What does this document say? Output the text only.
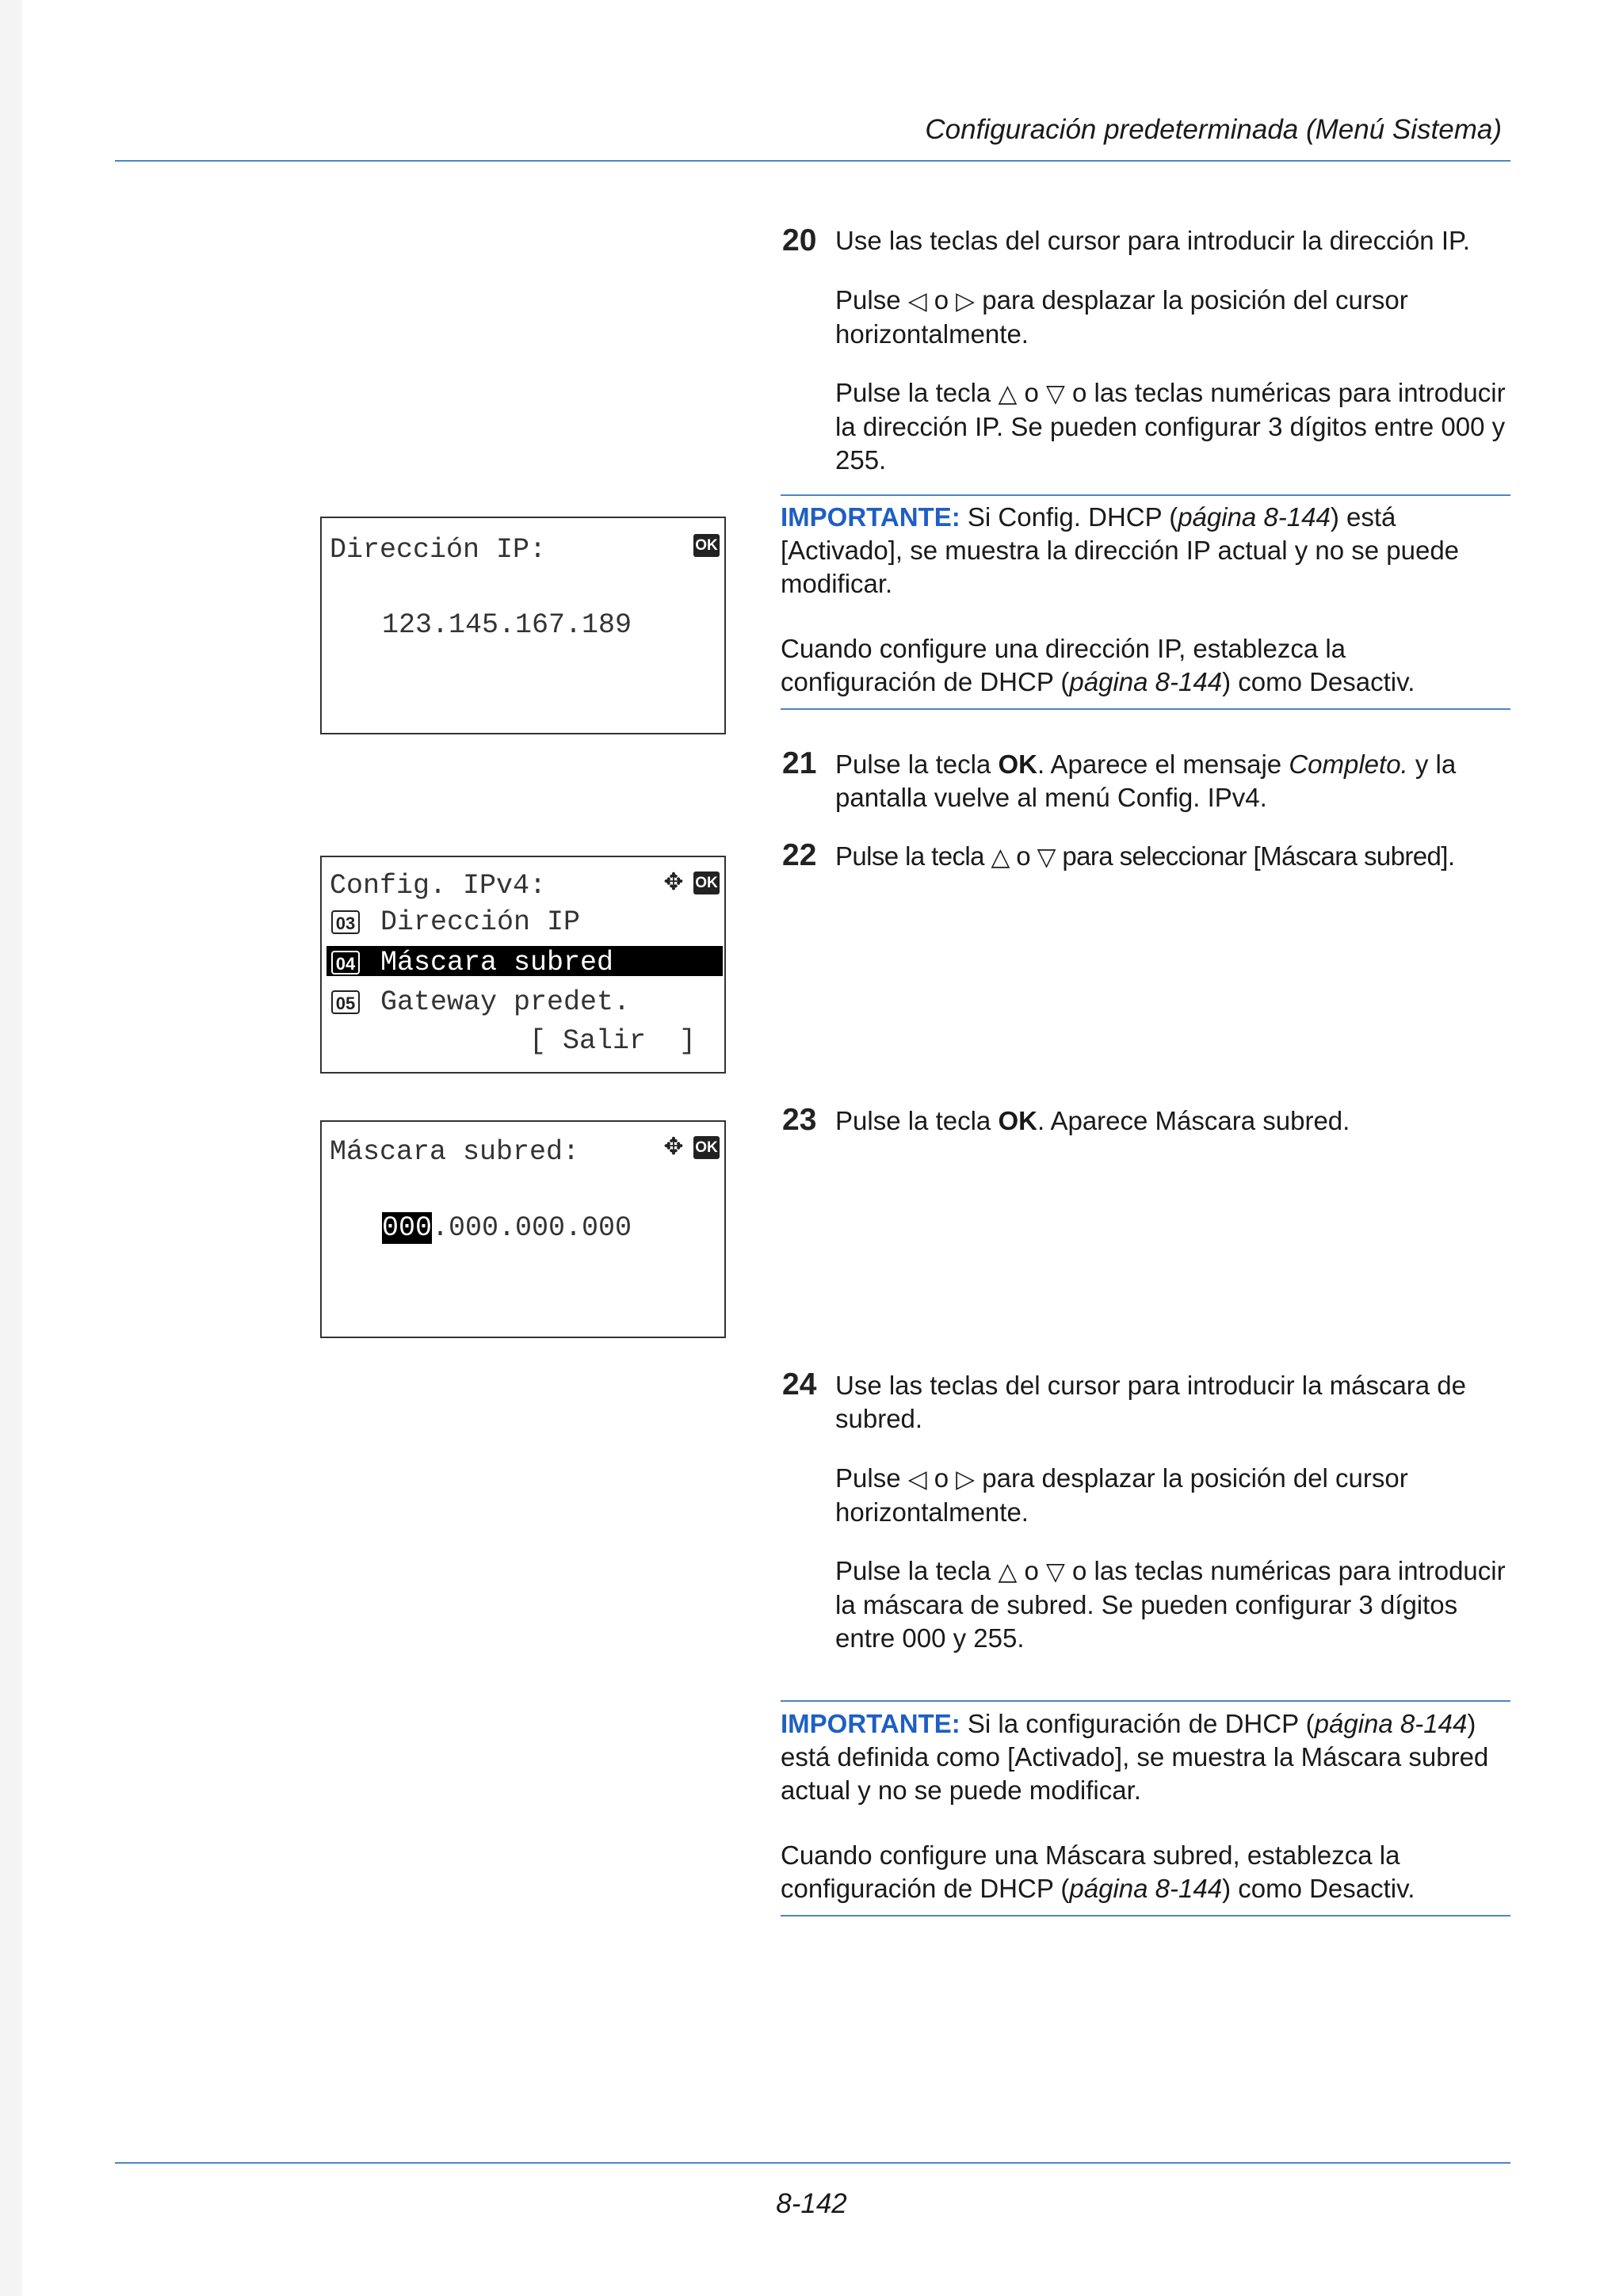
Configuración predeterminada (Menú Sistema)
20 Use las teclas del cursor para introducir la dirección IP.

Pulse ◁ o ▷ para desplazar la posición del cursor horizontalmente.

Pulse la tecla △ o ▽ o las teclas numéricas para introducir la dirección IP. Se pueden configurar 3 dígitos entre 000 y 255.

IMPORTANTE: Si Config. DHCP (página 8-144) está [Activado], se muestra la dirección IP actual y no se puede modificar.

Cuando configure una dirección IP, establezca la configuración de DHCP (página 8-144) como Desactiv.

21 Pulse la tecla OK. Aparece el mensaje Completo. y la pantalla vuelve al menú Config. IPv4.

22 Pulse la tecla △ o ▽ para seleccionar [Máscara subred].

23 Pulse la tecla OK. Aparece Máscara subred.

24 Use las teclas del cursor para introducir la máscara de subred.

Pulse ◁ o ▷ para desplazar la posición del cursor horizontalmente.

Pulse la tecla △ o ▽ o las teclas numéricas para introducir la máscara de subred. Se pueden configurar 3 dígitos entre 000 y 255.

IMPORTANTE: Si la configuración de DHCP (página 8-144) está definida como [Activado], se muestra la Máscara subred actual y no se puede modificar.

Cuando configure una Máscara subred, establezca la configuración de DHCP (página 8-144) como Desactiv.

Dirección IP:	OK
123.145.167.189
Config. IPv4:	✥ OK
03 Dirección IP
04 Máscara subred
05 Gateway predet.
[ Salir  ]
Máscara subred:	✥ OK
000.000.000.000
8-142
